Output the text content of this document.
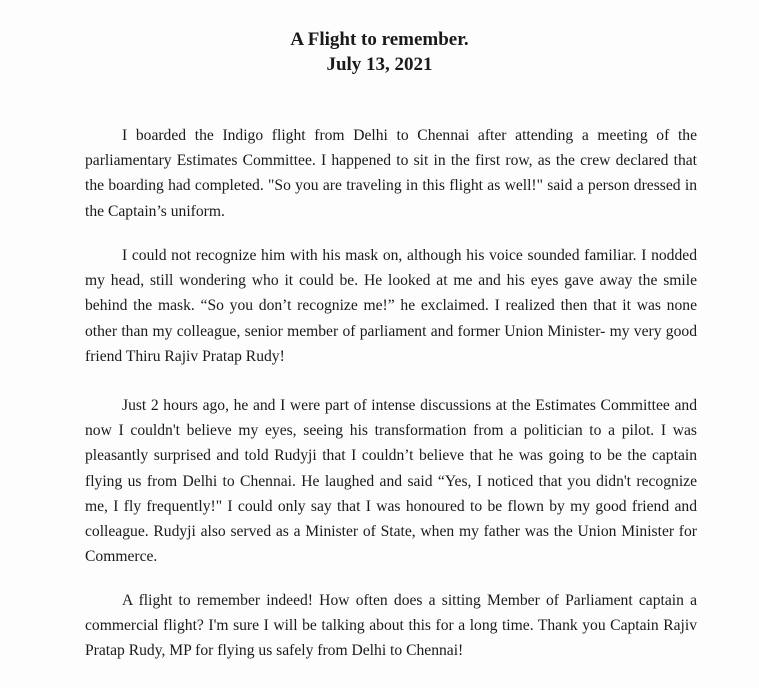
A Flight to remember.
July 13, 2021

I boarded the Indigo flight from Delhi to Chennai after attending a meeting of the parliamentary Estimates Committee. I happened to sit in the first row, as the crew declared that the boarding had completed. "So you are traveling in this flight as well!" said a person dressed in the Captain’s uniform.

I could not recognize him with his mask on, although his voice sounded familiar. I nodded my head, still wondering who it could be. He looked at me and his eyes gave away the smile behind the mask. “So you don’t recognize me!” he exclaimed. I realized then that it was none other than my colleague, senior member of parliament and former Union Minister- my very good friend Thiru Rajiv Pratap Rudy!

Just 2 hours ago, he and I were part of intense discussions at the Estimates Committee and now I couldn't believe my eyes, seeing his transformation from a politician to a pilot. I was pleasantly surprised and told Rudyji that I couldn’t believe that he was going to be the captain flying us from Delhi to Chennai. He laughed and said “Yes, I noticed that you didn't recognize me, I fly frequently!" I could only say that I was honoured to be flown by my good friend and colleague. Rudyji also served as a Minister of State, when my father was the Union Minister for Commerce.

A flight to remember indeed! How often does a sitting Member of Parliament captain a commercial flight? I'm sure I will be talking about this for a long time. Thank you Captain Rajiv Pratap Rudy, MP for flying us safely from Delhi to Chennai!
